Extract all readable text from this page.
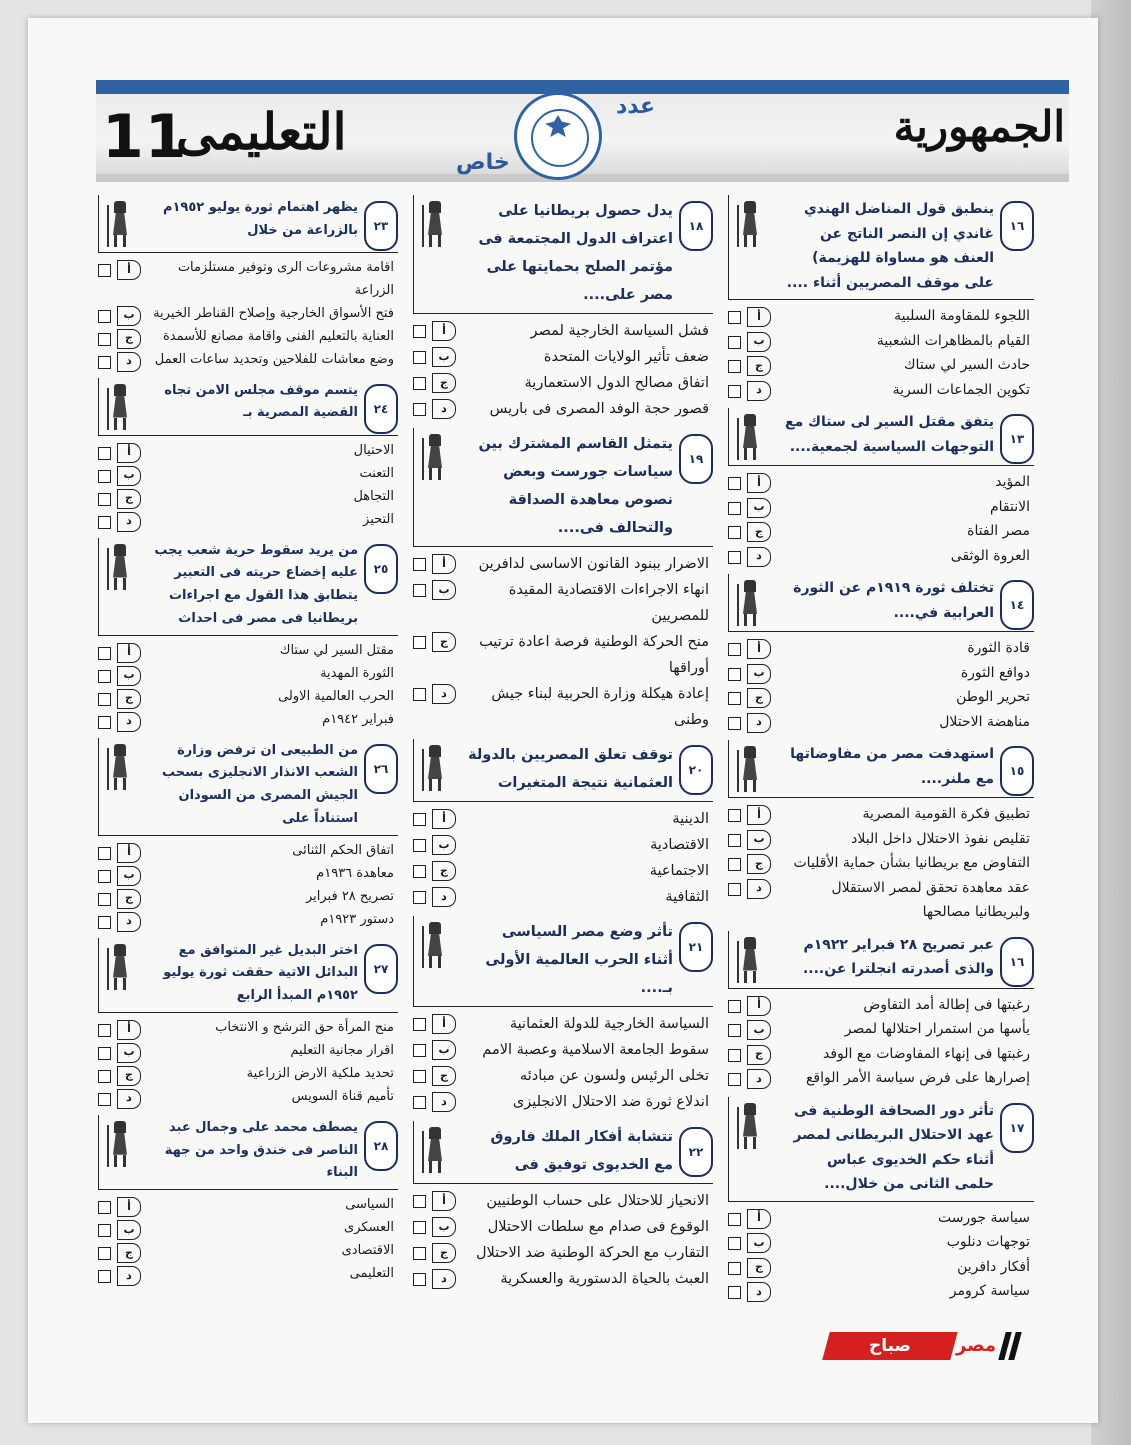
11
التعليمى
خاص
عدد	الجمهورية
١٦
ينطبق قول المناضل الهندي غاندي إن النصر الناتج عن العنف هو مساواة للهزيمة) على موقف المصريين أثناء ....
أ	اللجوء للمقاومة السلبية
ب	القيام بالمظاهرات الشعبية
ج	حادث السير لي ستاك
د	تكوين الجماعات السرية
١٣
يتفق مقتل السير لى ستاك مع التوجهات السياسية لجمعية....
أ	المؤيد
ب	الانتقام
ج	مصر الفتاة
د	العروة الوثقى
١٤
تختلف ثورة ١٩١٩م عن الثورة العرابية في....
أ	قادة الثورة
ب	دوافع الثورة
ج	تحرير الوطن
د	مناهضة الاحتلال
١٥
استهدفت مصر من مفاوضاتها مع ملنر....
أ	تطبيق فكرة القومية المصرية
ب	تقليص نفوذ الاحتلال داخل البلاد
ج	التفاوض مع بريطانيا بشأن حماية الأقليات
د	عقد معاهدة تحقق لمصر الاستقلال ولبريطانيا مصالحها
١٦
عبر تصريح ٢٨ فبراير ١٩٢٢م والذى أصدرته انجلترا عن....
أ	رغبتها فى إطالة أمد التفاوض
ب	يأسها من استمرار احتلالها لمصر
ج	رغبتها فى إنهاء المفاوضات مع الوفد
د	إصرارها على فرض سياسة الأمر الواقع
١٧
تأثر دور الصحافة الوطنية فى عهد الاحتلال البريطانى لمصر أثناء حكم الخديوى عباس حلمى الثانى من خلال....
أ	سياسة جورست
ب	توجهات دنلوب
ج	أفكار دافرين
د	سياسة كرومر
١٨
يدل حصول بريطانيا على اعتراف الدول المجتمعة فى مؤتمر الصلح بحمايتها على مصر على....
أ	فشل السياسة الخارجية لمصر
ب	ضعف تأثير الولايات المتحدة
ج	اتفاق مصالح الدول الاستعمارية
د	قصور حجة الوفد المصرى فى باريس
١٩
يتمثل القاسم المشترك بين سياسات جورست وبعض نصوص معاهدة الصداقة والتحالف فى....
أ	الاضرار ببنود القانون الاساسى لدافرين
ب	انهاء الاجراءات الاقتصادية المقيدة للمصريين
ج	منح الحركة الوطنية فرصة اعادة ترتيب أوراقها
د	إعادة هيكلة وزارة الحربية لبناء جيش وطنى
٢٠
توقف تعلق المصريين بالدولة العثمانية نتيجة المتغيرات
أ	الدينية
ب	الاقتصادية
ج	الاجتماعية
د	الثقافية
٢١
تأثر وضع مصر السياسى أثناء الحرب العالمية الأولى بـ....
أ	السياسة الخارجية للدولة العثمانية
ب	سقوط الجامعة الاسلامية وعصبة الامم
ج	تخلى الرئيس ولسون عن مبادئه
د	اندلاع ثورة ضد الاحتلال الانجليزى
٢٢
تتشابة أفكار الملك فاروق مع الخديوى توفيق فى
أ	الانحياز للاحتلال على حساب الوطنيين
ب	الوقوع فى صدام مع سلطات الاحتلال
ج	التقارب مع الحركة الوطنية ضد الاحتلال
د	العبث بالحياة الدستورية والعسكرية
٢٣
يظهر اهتمام ثورة يوليو ١٩٥٢م بالزراعة من خلال
أ	اقامة مشروعات الرى وتوفير مستلزمات الزراعة
ب	فتح الأسواق الخارجية وإصلاح القناطر الخيرية
ج	العناية بالتعليم الفنى واقامة مصانع للأسمدة
د	وضع معاشات للفلاحين وتحديد ساعات العمل
٢٤
يتسم موقف مجلس الامن تجاه القضية المصرية بـ
أ	الاحتيال
ب	التعنت
ج	التجاهل
د	التحيز
٢٥
من يريد سقوط حرية شعب يجب عليه إخضاع حريته فى التعبير يتطابق هذا القول مع اجراءات بريطانيا فى مصر فى احداث
أ	مقتل السير لي ستاك
ب	الثورة المهدية
ج	الحرب العالمية الاولى
د	فبراير ١٩٤٢م
٢٦
من الطبيعى ان ترفض وزارة الشعب الانذار الانجليزى بسحب الجيش المصرى من السودان استناداً على
أ	اتفاق الحكم الثنائى
ب	معاهدة ١٩٣٦م
ج	تصريح ٢٨ فبراير
د	دستور ١٩٢٣م
٢٧
اختر البديل غير المتوافق مع البدائل الاتية حققت ثورة يوليو ١٩٥٢م المبدأ الرابع
أ	منح المرأة حق الترشح و الانتخاب
ب	اقرار مجانية التعليم
ج	تحديد ملكية الارض الزراعية
د	تأميم قناة السويس
٢٨
يصطف محمد على وجمال عبد الناصر فى خندق واحد من جهة البناء
أ	السياسى
ب	العسكرى
ج	الاقتصادى
د	التعليمى
صباح	مصر
